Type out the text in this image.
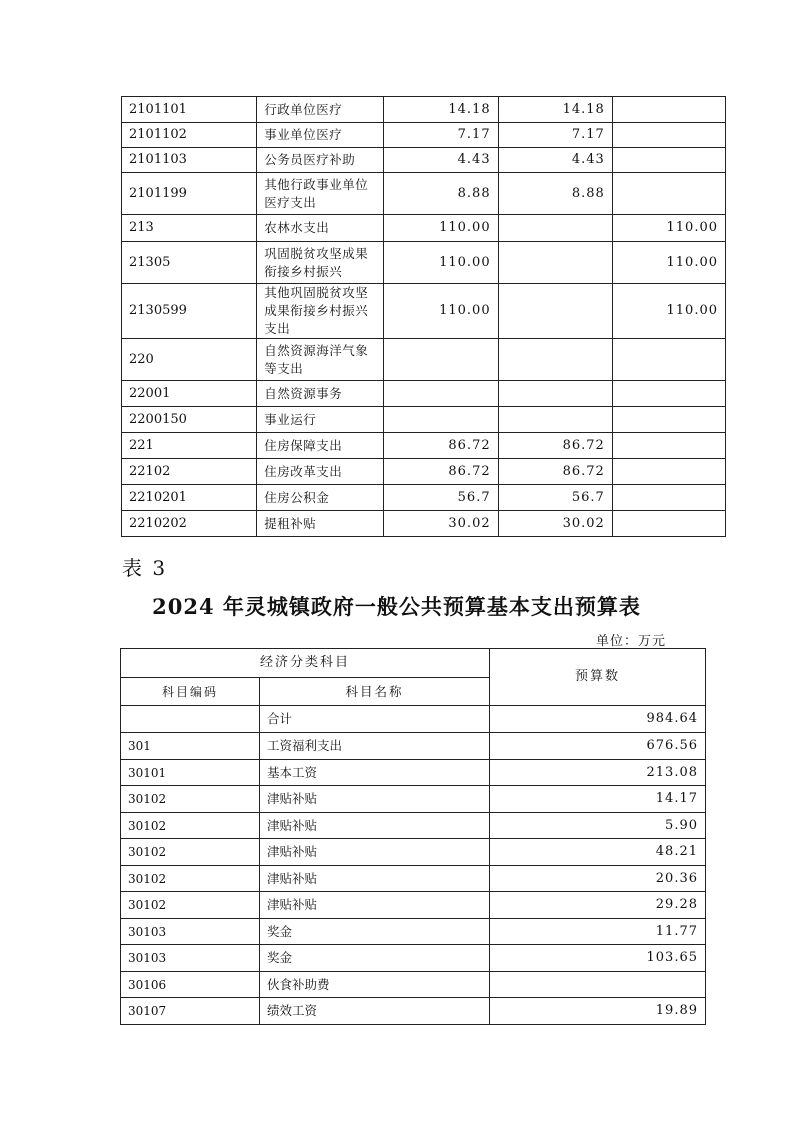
2101101	行政单位医疗	14.18	14.18	
2101102	事业单位医疗	7.17	7.17	
2101103	公务员医疗补助	4.43	4.43	
2101199	其他行政事业单位医疗支出	8.88	8.88	
213	农林水支出	110.00		110.00
21305	巩固脱贫攻坚成果衔接乡村振兴	110.00		110.00
2130599	其他巩固脱贫攻坚成果衔接乡村振兴支出	110.00		110.00
220	自然资源海洋气象等支出			
22001	自然资源事务			
2200150	事业运行			
221	住房保障支出	86.72	86.72	
22102	住房改革支出	86.72	86.72	
2210201	住房公积金	56.7	56.7	
2210202	提租补贴	30.02	30.02	
表 3
2024 年灵城镇政府一般公共预算基本支出预算表
单位：万元
经济分类科目		预算数
科目编码	科目名称	
	合计	984.64
301	工资福利支出	676.56
30101	基本工资	213.08
30102	津贴补贴	14.17
30102	津贴补贴	5.90
30102	津贴补贴	48.21
30102	津贴补贴	20.36
30102	津贴补贴	29.28
30103	奖金	11.77
30103	奖金	103.65
30106	伙食补助费	
30107	绩效工资	19.89
